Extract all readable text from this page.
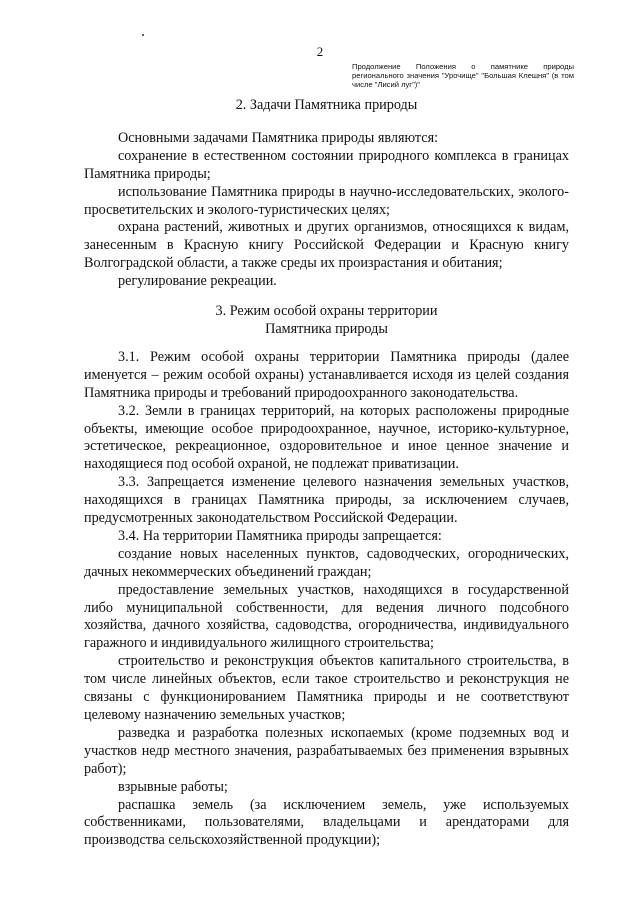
2
Продолжение Положения о памятнике природы регионального значения "Урочище" "Большая Клешня" (в том числе "Лисий луг")"

2. Задачи Памятника природы

Основными задачами Памятника природы являются:

сохранение в естественном состоянии природного комплекса в границах Памятника природы;

использование Памятника природы в научно-исследовательских, эколого-просветительских и эколого-туристических целях;

охрана растений, животных и других организмов, относящихся к видам, занесенным в Красную книгу Российской Федерации и Красную книгу Волгоградской области, а также среды их произрастания и обитания;

регулирование рекреации.

3. Режим особой охраны территории

Памятника природы

3.1. Режим особой охраны территории Памятника природы (далее именуется – режим особой охраны) устанавливается исходя из целей создания Памятника природы и требований природоохранного законодательства.

3.2. Земли в границах территорий, на которых расположены природные объекты, имеющие особое природоохранное, научное, историко-культурное, эстетическое, рекреационное, оздоровительное и иное ценное значение и находящиеся под особой охраной, не подлежат приватизации.

3.3. Запрещается изменение целевого назначения земельных участков, находящихся в границах Памятника природы, за исключением случаев, предусмотренных законодательством Российской Федерации.

3.4. На территории Памятника природы запрещается:

создание новых населенных пунктов, садоводческих, огороднических, дачных некоммерческих объединений граждан;

предоставление земельных участков, находящихся в государственной либо муниципальной собственности, для ведения личного подсобного хозяйства, дачного хозяйства, садоводства, огородничества, индивидуального гаражного и индивидуального жилищного строительства;

строительство и реконструкция объектов капитального строительства, в том числе линейных объектов, если такое строительство и реконструкция не связаны с функционированием Памятника природы и не соответствуют целевому назначению земельных участков;

разведка и разработка полезных ископаемых (кроме подземных вод и участков недр местного значения, разрабатываемых без применения взрывных работ);

взрывные работы;

распашка земель (за исключением земель, уже используемых собственниками, пользователями, владельцами и арендаторами для производства сельскохозяйственной продукции);
